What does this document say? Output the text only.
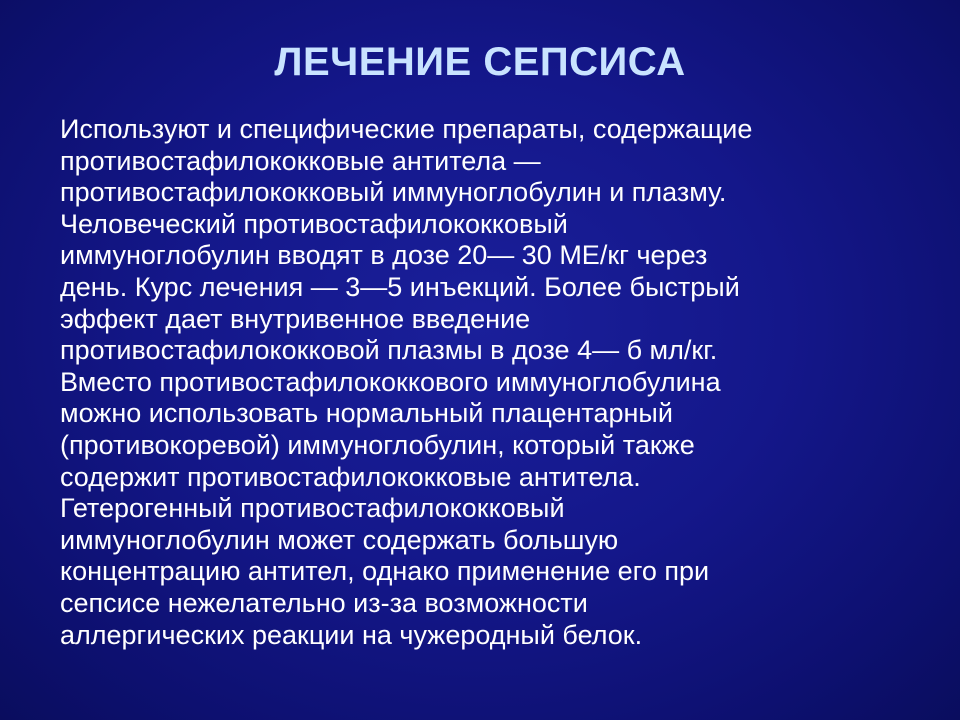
ЛЕЧЕНИЕ СЕПСИСА

Используют и специфические препараты, содержащие
противостафилококковые антитела —
противостафилококковый иммуноглобулин и плазму.
Человеческий противостафилококковый
иммуноглобулин вводят в дозе 20— 30 МЕ/кг через
день. Курс лечения — 3—5 инъекций. Более быстрый
эффект дает внутривенное введение
противостафилококковой плазмы в дозе 4— б мл/кг.
Вместо противостафилококкового иммуноглобулина
можно использовать нормальный плацентарный
(противокоревой) иммуноглобулин, который также
содержит противостафилококковые антитела.
Гетерогенный противостафилококковый
иммуноглобулин может содержать большую
концентрацию антител, однако применение его при
сепсисе нежелательно из-за возможности
аллергических реакции на чужеродный белок.
